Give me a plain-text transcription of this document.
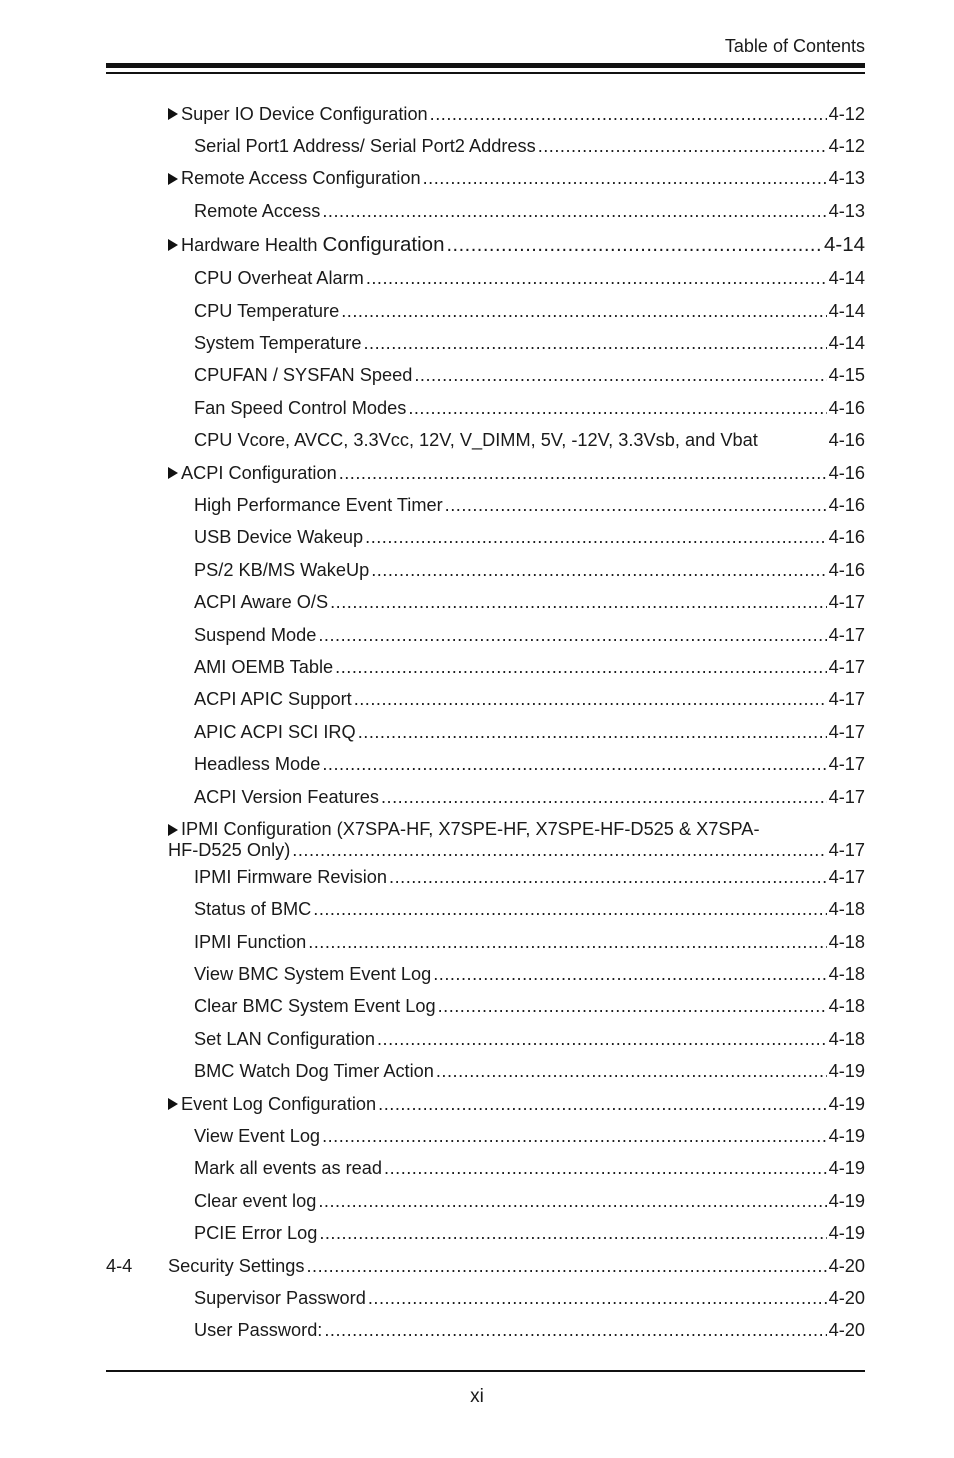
Table of Contents
Super IO Device Configuration .....	4-12
Serial Port1 Address/ Serial Port2 Address .....	4-12
Remote Access Configuration .....	4-13
Remote Access .....	4-13
Hardware Health Configuration .....	4-14
CPU Overheat Alarm .....	4-14
CPU Temperature .....	4-14
System Temperature .....	4-14
CPUFAN / SYSFAN Speed .....	4-15
Fan Speed Control Modes .....	4-16
CPU Vcore, AVCC, 3.3Vcc, 12V, V_DIMM, 5V, -12V, 3.3Vsb, and Vbat	4-16
ACPI Configuration .....	4-16
High Performance Event Timer .....	4-16
USB Device Wakeup .....	4-16
PS/2 KB/MS WakeUp .....	4-16
ACPI Aware O/S .....	4-17
Suspend Mode .....	4-17
AMI OEMB Table .....	4-17
ACPI APIC Support .....	4-17
APIC ACPI SCI IRQ .....	4-17
Headless Mode .....	4-17
ACPI Version Features .....	4-17
IPMI Configuration (X7SPA-HF, X7SPE-HF, X7SPE-HF-D525 & X7SPA-
HF-D525 Only) .....	4-17
IPMI Firmware Revision .....	4-17
Status of BMC .....	4-18
IPMI Function .....	4-18
View BMC System Event Log .....	4-18
Clear BMC System Event Log .....	4-18
Set LAN Configuration .....	4-18
BMC Watch Dog Timer Action .....	4-19
Event Log Configuration .....	4-19
View Event Log .....	4-19
Mark all events as read .....	4-19
Clear event log .....	4-19
PCIE Error Log .....	4-19
4-4	Security Settings .....	4-20
Supervisor Password .....	4-20
User Password: .....	4-20
xi
